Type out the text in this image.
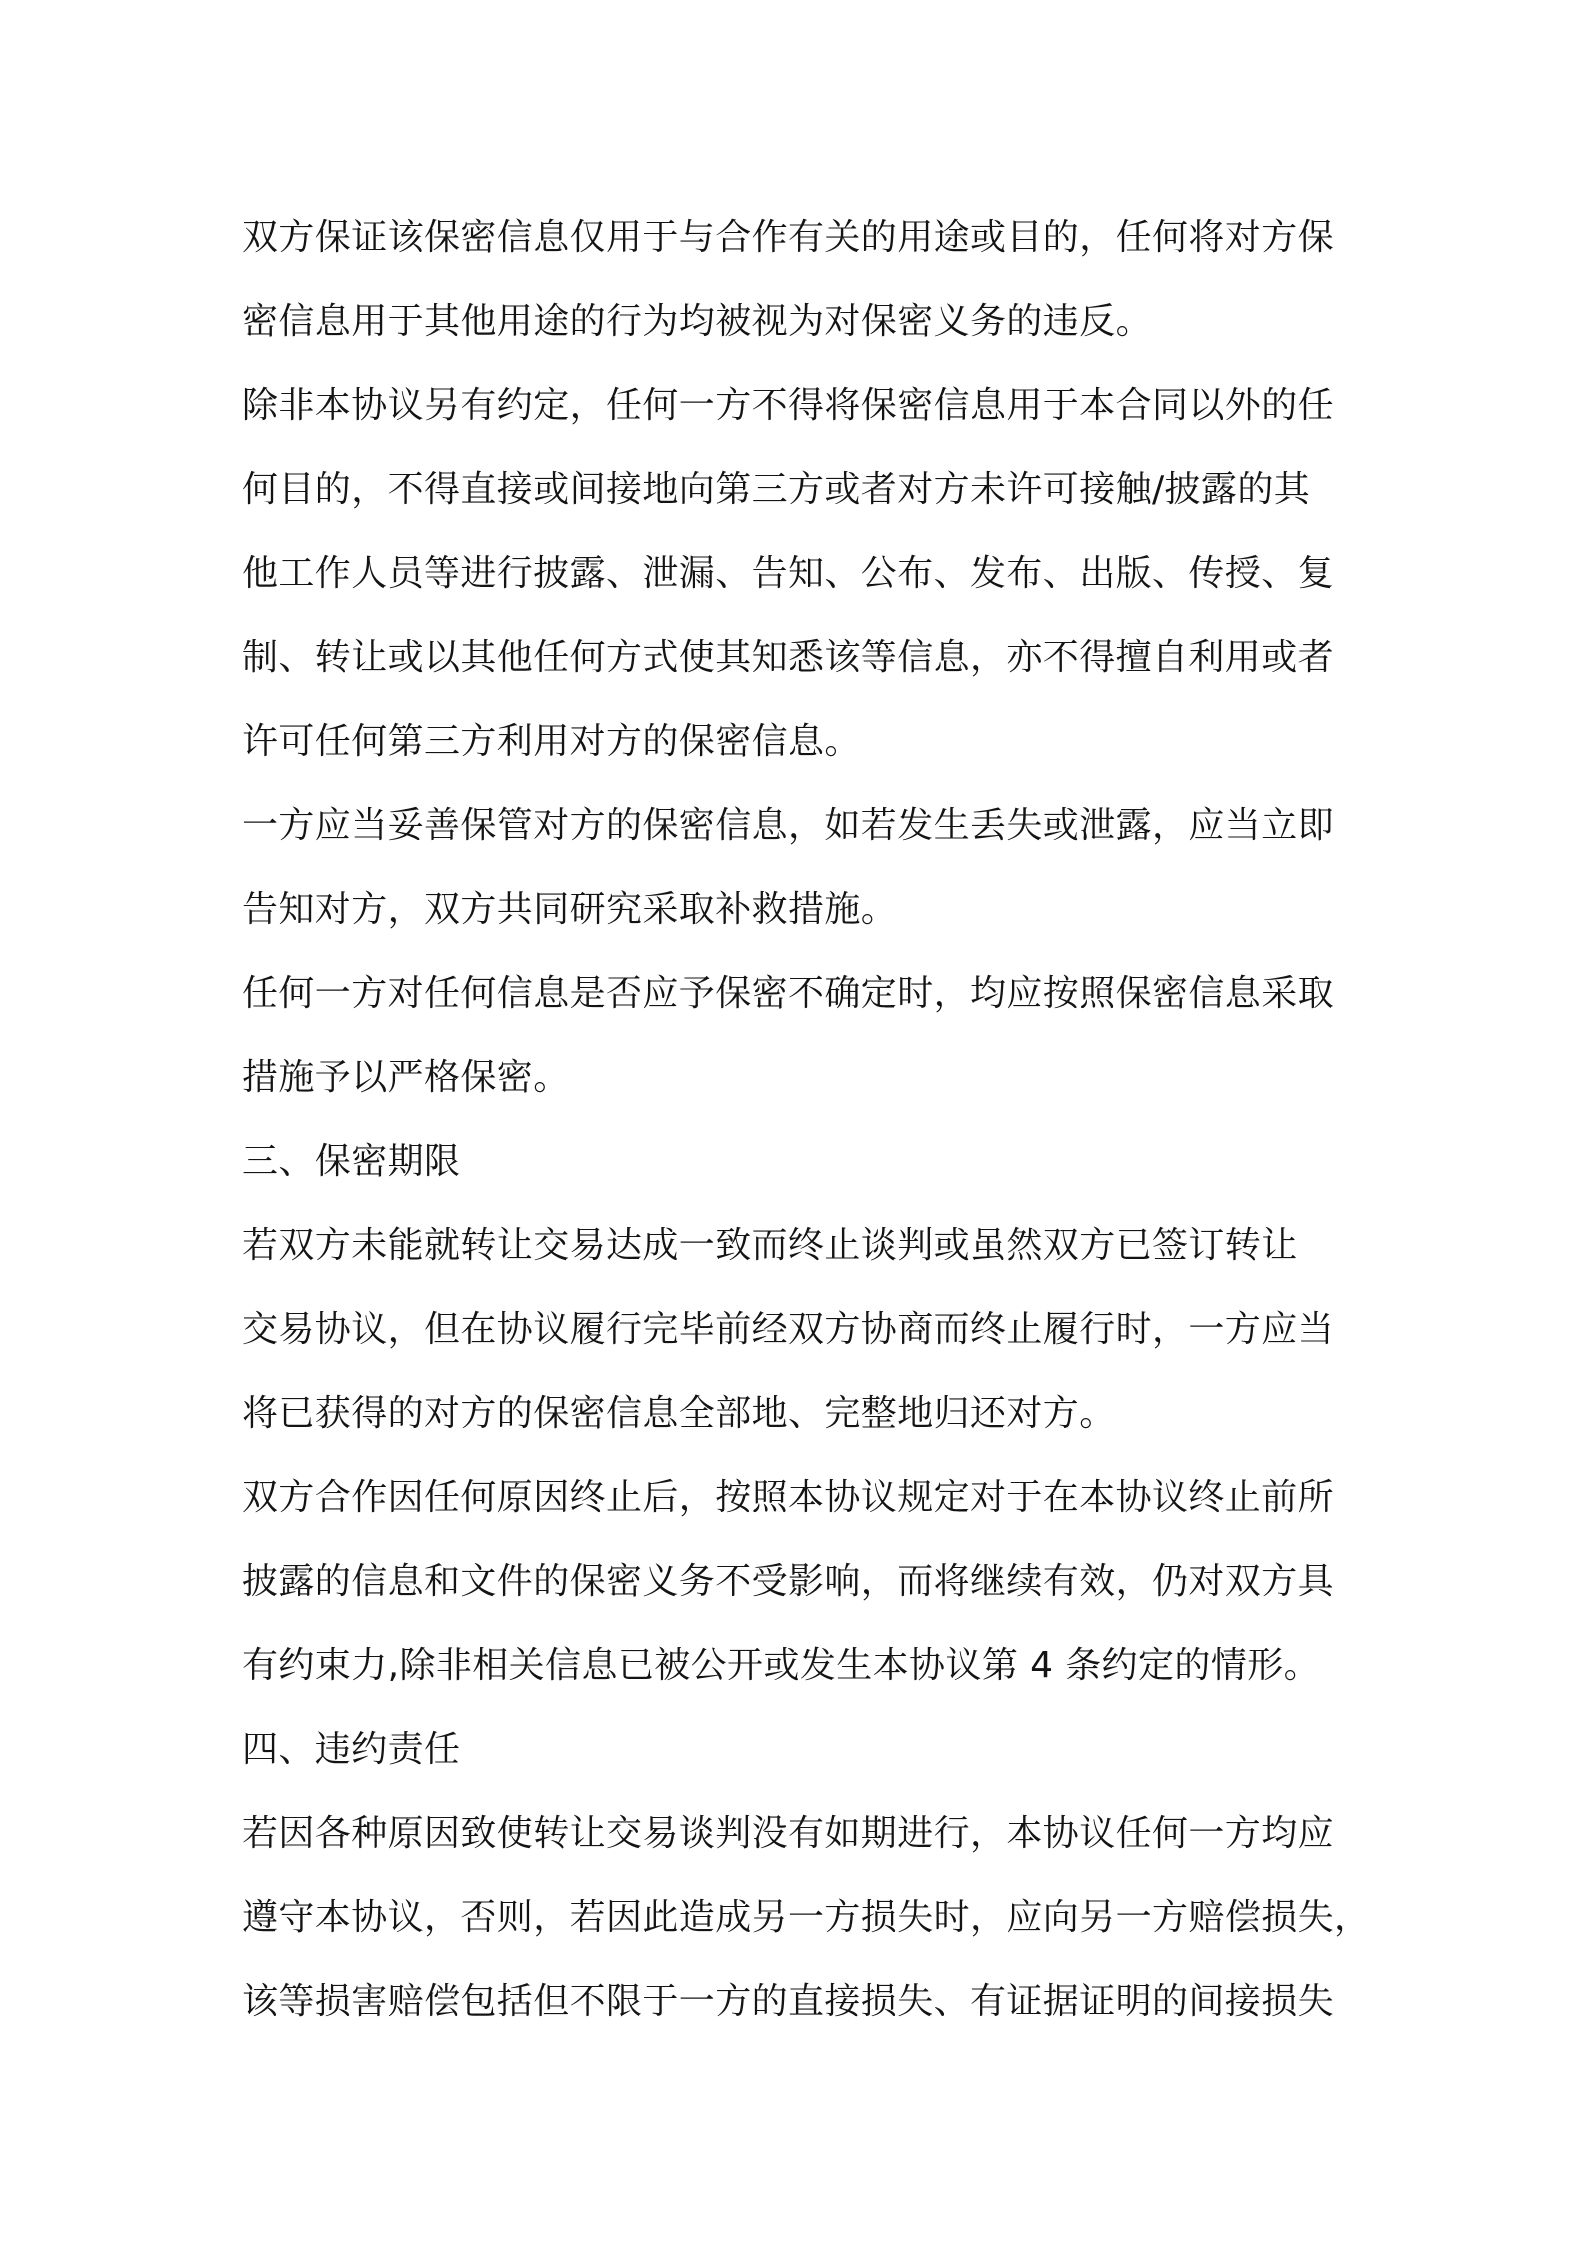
双方保证该保密信息仅用于与合作有关的用途或目的，任何将对方保
密信息用于其他用途的行为均被视为对保密义务的违反。
除非本协议另有约定，任何一方不得将保密信息用于本合同以外的任
何目的，不得直接或间接地向第三方或者对方未许可接触/披露的其
他工作人员等进行披露、泄漏、告知、公布、发布、出版、传授、复
制、转让或以其他任何方式使其知悉该等信息，亦不得擅自利用或者
许可任何第三方利用对方的保密信息。
一方应当妥善保管对方的保密信息，如若发生丢失或泄露，应当立即
告知对方，双方共同研究采取补救措施。
任何一方对任何信息是否应予保密不确定时，均应按照保密信息采取
措施予以严格保密。
三、保密期限
若双方未能就转让交易达成一致而终止谈判或虽然双方已签订转让
交易协议，但在协议履行完毕前经双方协商而终止履行时，一方应当
将已获得的对方的保密信息全部地、完整地归还对方。
双方合作因任何原因终止后，按照本协议规定对于在本协议终止前所
披露的信息和文件的保密义务不受影响，而将继续有效，仍对双方具
有约束力,除非相关信息已被公开或发生本协议第 4 条约定的情形。
四、违约责任
若因各种原因致使转让交易谈判没有如期进行，本协议任何一方均应
遵守本协议，否则，若因此造成另一方损失时，应向另一方赔偿损失，
该等损害赔偿包括但不限于一方的直接损失、有证据证明的间接损失
